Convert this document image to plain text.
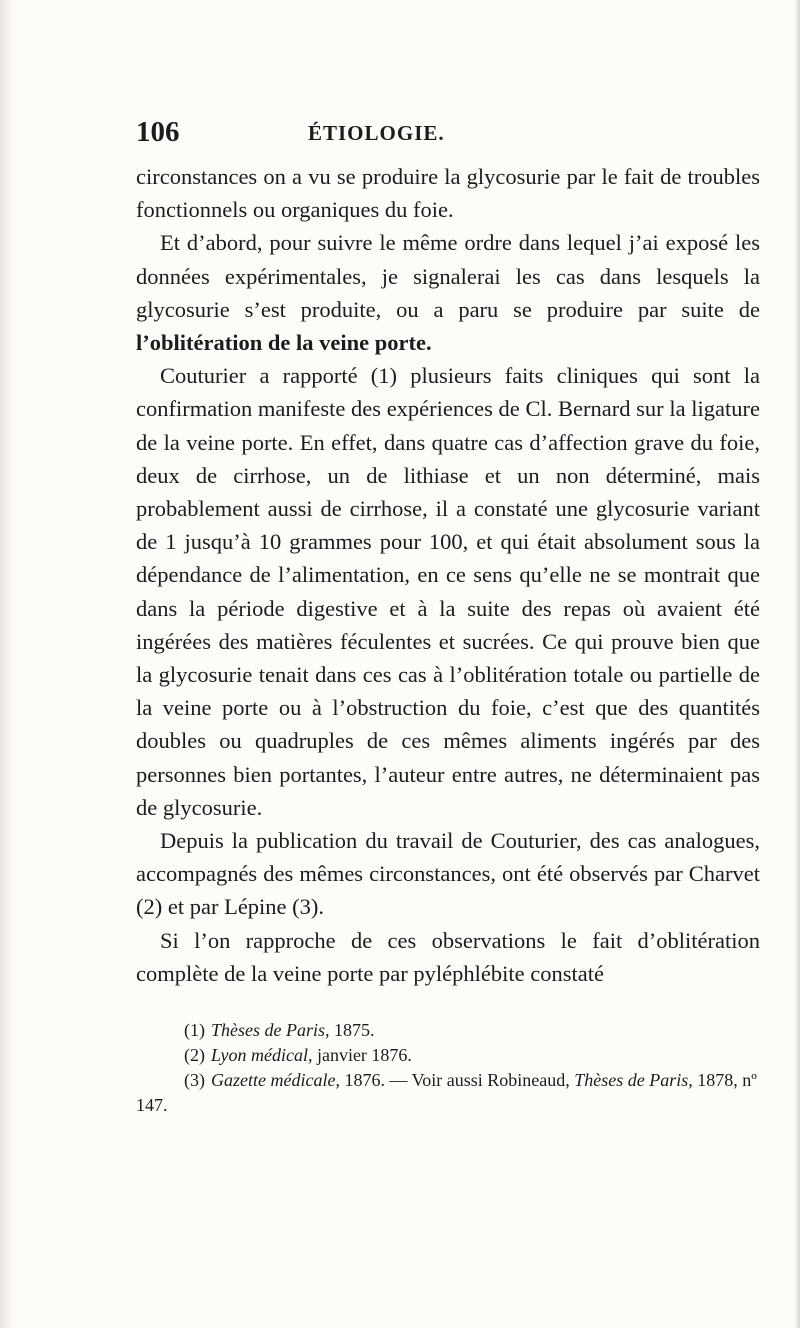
106	ÉTIOLOGIE.

circonstances on a vu se produire la glycosurie par le fait de troubles fonctionnels ou organiques du foie.

Et d’abord, pour suivre le même ordre dans lequel j’ai exposé les données expérimentales, je signalerai les cas dans lesquels la glycosurie s’est produite, ou a paru se produire par suite de l’oblitération de la veine porte.

Couturier a rapporté (1) plusieurs faits cliniques qui sont la confirmation manifeste des expériences de Cl. Bernard sur la ligature de la veine porte. En effet, dans quatre cas d’affection grave du foie, deux de cirrhose, un de lithiase et un non déterminé, mais probablement aussi de cirrhose, il a constaté une glycosurie variant de 1 jusqu’à 10 grammes pour 100, et qui était absolument sous la dépendance de l’alimentation, en ce sens qu’elle ne se montrait que dans la période digestive et à la suite des repas où avaient été ingérées des matières féculentes et sucrées. Ce qui prouve bien que la glycosurie tenait dans ces cas à l’oblitération totale ou partielle de la veine porte ou à l’obstruction du foie, c’est que des quantités doubles ou quadruples de ces mêmes aliments ingérés par des personnes bien portantes, l’auteur entre autres, ne déterminaient pas de glycosurie.

Depuis la publication du travail de Couturier, des cas analogues, accompagnés des mêmes circonstances, ont été observés par Charvet (2) et par Lépine (3).

Si l’on rapproche de ces observations le fait d’oblitération complète de la veine porte par pyléphlébite constaté

(1) Thèses de Paris, 1875.

(2) Lyon médical, janvier 1876.

(3) Gazette médicale, 1876. — Voir aussi Robineaud, Thèses de Paris, 1878, nº 147.
